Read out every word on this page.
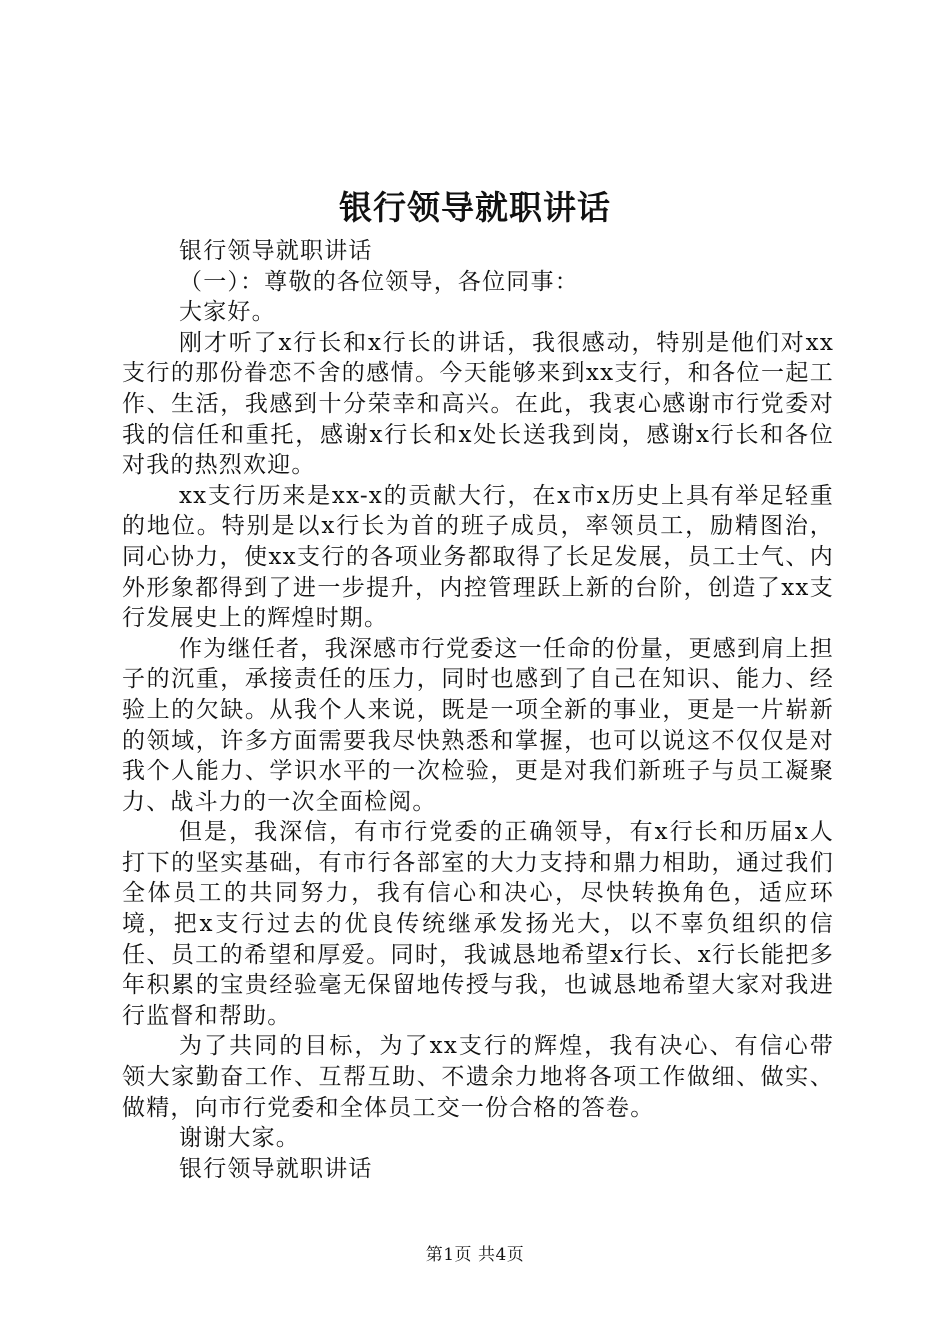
银行领导就职讲话

银行领导就职讲话

（一）：尊敬的各位领导，各位同事：

大家好。

刚才听了x行长和x行长的讲话，我很感动，特别是他们对xx支行的那份眷恋不舍的感情。今天能够来到xx支行，和各位一起工作、生活，我感到十分荣幸和高兴。在此，我衷心感谢市行党委对我的信任和重托，感谢x行长和x处长送我到岗，感谢x行长和各位对我的热烈欢迎。

xx支行历来是xx-x的贡献大行，在x市x历史上具有举足轻重的地位。特别是以x行长为首的班子成员，率领员工，励精图治，同心协力，使xx支行的各项业务都取得了长足发展，员工士气、内外形象都得到了进一步提升，内控管理跃上新的台阶，创造了xx支行发展史上的辉煌时期。

作为继任者，我深感市行党委这一任命的份量，更感到肩上担子的沉重，承接责任的压力，同时也感到了自己在知识、能力、经验上的欠缺。从我个人来说，既是一项全新的事业，更是一片崭新的领域，许多方面需要我尽快熟悉和掌握，也可以说这不仅仅是对我个人能力、学识水平的一次检验，更是对我们新班子与员工凝聚力、战斗力的一次全面检阅。

但是，我深信，有市行党委的正确领导，有x行长和历届x人打下的坚实基础，有市行各部室的大力支持和鼎力相助，通过我们全体员工的共同努力，我有信心和决心，尽快转换角色，适应环境，把x支行过去的优良传统继承发扬光大，以不辜负组织的信任、员工的希望和厚爱。同时，我诚恳地希望x行长、x行长能把多年积累的宝贵经验毫无保留地传授与我，也诚恳地希望大家对我进行监督和帮助。

为了共同的目标，为了xx支行的辉煌，我有决心、有信心带领大家勤奋工作、互帮互助、不遗余力地将各项工作做细、做实、做精，向市行党委和全体员工交一份合格的答卷。

谢谢大家。

银行领导就职讲话

第1页 共4页
